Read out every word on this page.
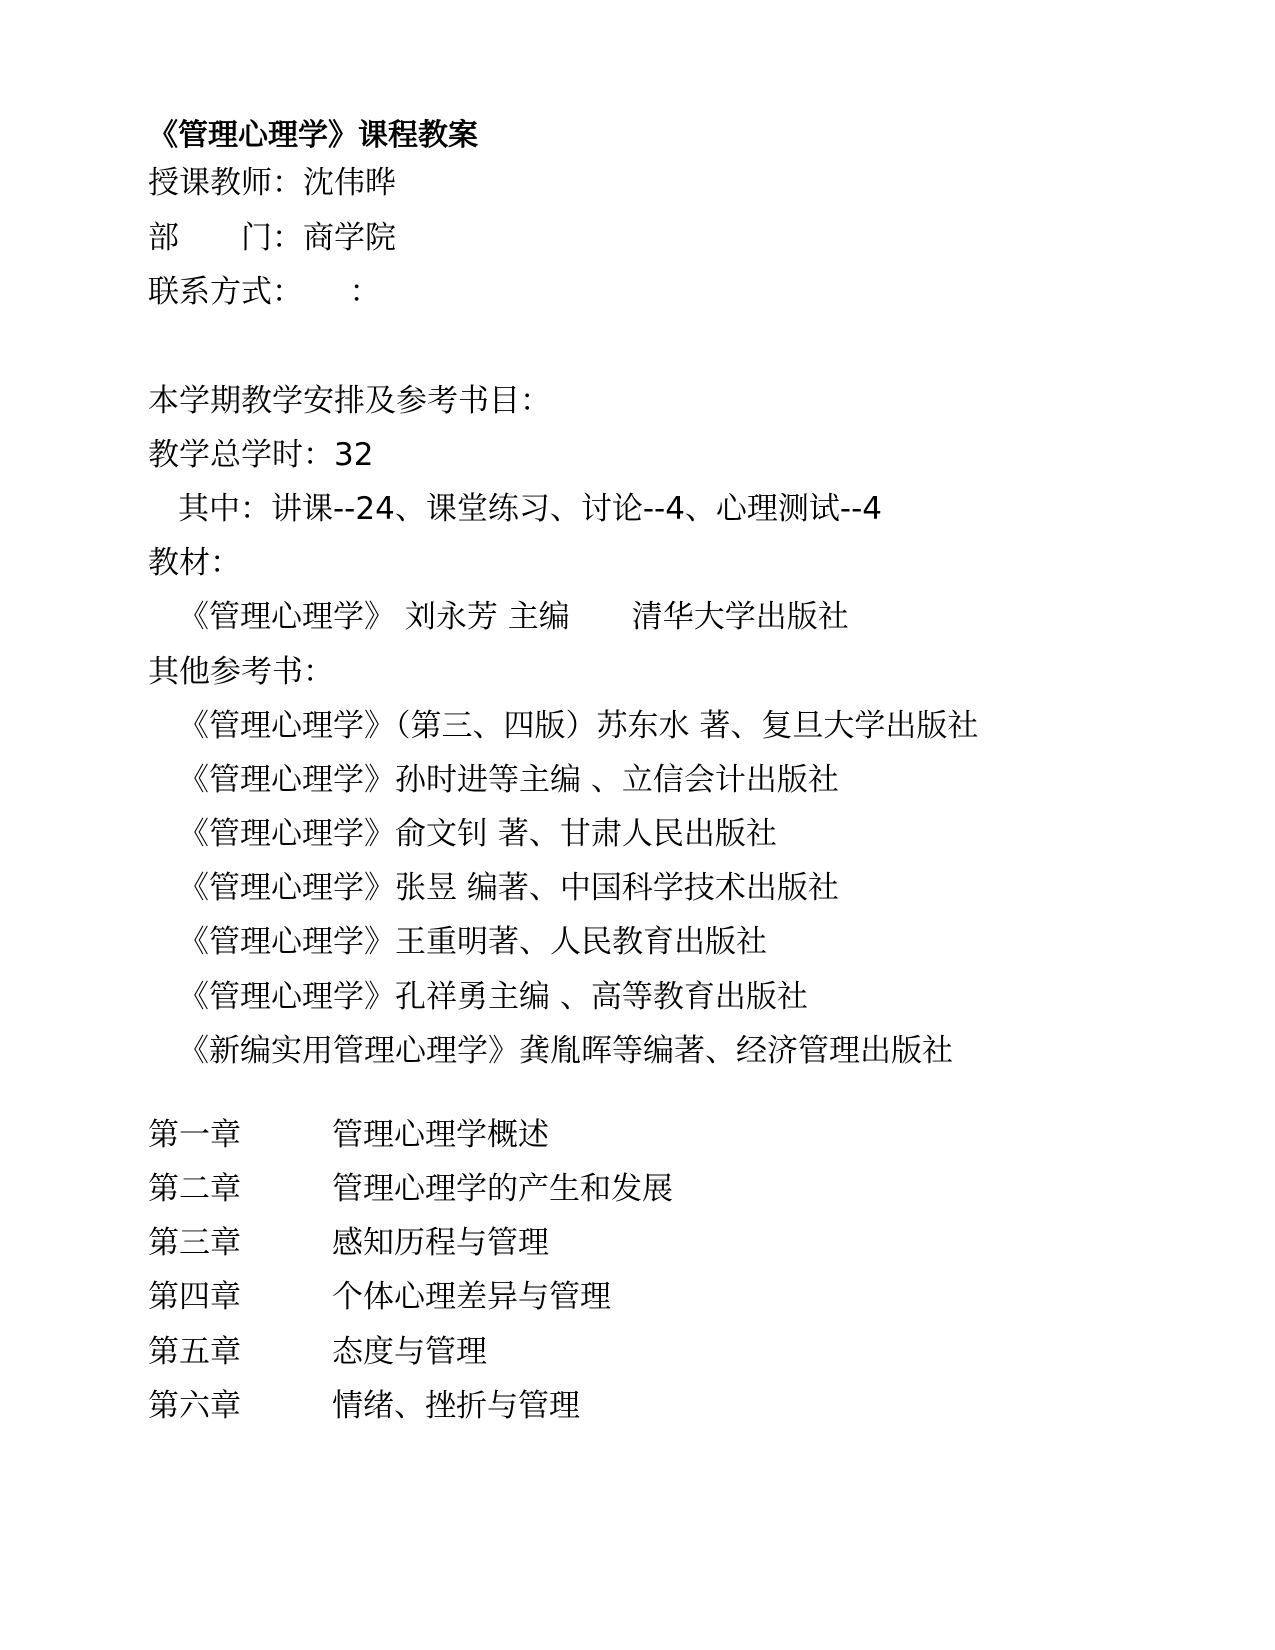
《管理心理学》课程教案
授课教师：沈伟晔
部　　门：商学院
联系方式：　　：
本学期教学安排及参考书目：
教学总学时：32
其中：讲课--24、课堂练习、讨论--4、心理测试--4
教材：
《管理心理学》 刘永芳 主编　　清华大学出版社
其他参考书：
《管理心理学》（第三、四版）苏东水 著、复旦大学出版社
《管理心理学》孙时进等主编 、立信会计出版社
《管理心理学》俞文钊 著、甘肃人民出版社
《管理心理学》张昱 编著、中国科学技术出版社
《管理心理学》王重明著、人民教育出版社
《管理心理学》孔祥勇主编 、高等教育出版社
《新编实用管理心理学》龚胤晖等编著、经济管理出版社
第一章	管理心理学概述
第二章	管理心理学的产生和发展
第三章	感知历程与管理
第四章	个体心理差异与管理
第五章	态度与管理
第六章	情绪、挫折与管理
